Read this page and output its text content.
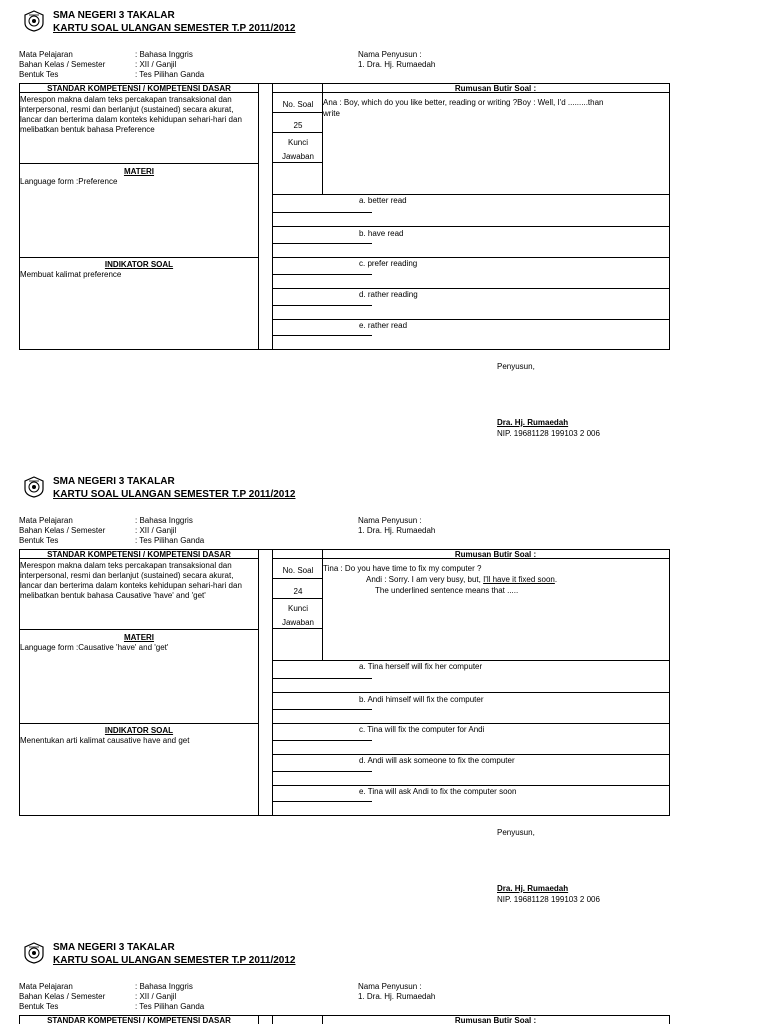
SMA NEGERI 3 TAKALAR
KARTU SOAL ULANGAN SEMESTER T.P 2011/2012
Mata Pelajaran	: Bahasa Inggris
Bahan Kelas / Semester	: XII / Ganjil
Bentuk Tes	: Tes Pilihan Ganda
Nama Penyusun :
1. Dra. Hj. Rumaedah
STANDAR KOMPETENSI / KOMPETENSI DASAR	Rumusan Butir Soal :
Merespon makna dalam teks percakapan transaksional dan interpersonal, resmi dan berlanjut (sustained) secara akurat, lancar dan berterima dalam konteks kehidupan sehari-hari dan melibatkan bentuk bahasa Preference
MATERI
Language form :Preference
INDIKATOR SOAL
Membuat kalimat preference
No. Soal
25
Kunci
Jawaban
Ana : Boy, which do you like better, reading or writing ?Boy : Well, I'd .........than
write
a. better read
b. have read
c. prefer reading
d. rather reading
e. rather read
Penyusun,
Dra. Hj. Rumaedah
NIP. 19681128 199103 2 006
SMA NEGERI 3 TAKALAR
KARTU SOAL ULANGAN SEMESTER T.P 2011/2012
Mata Pelajaran	: Bahasa Inggris
Bahan Kelas / Semester	: XII / Ganjil
Bentuk Tes	: Tes Pilihan Ganda
Nama Penyusun :
1. Dra. Hj. Rumaedah
STANDAR KOMPETENSI / KOMPETENSI DASAR	Rumusan Butir Soal :
Merespon makna dalam teks percakapan transaksional dan interpersonal, resmi dan berlanjut (sustained) secara akurat, lancar dan berterima dalam konteks kehidupan sehari-hari dan melibatkan bentuk bahasa Causative 'have' and 'get'
MATERI
Language form :Causative 'have' and 'get'
INDIKATOR SOAL
Menentukan arti kalimat causative have and get
No. Soal
24
Kunci
Jawaban
Tina : Do you have time to fix my computer ?
Andi : Sorry. I am very busy, but, I'll have it fixed soon.
The underlined sentence means that .....
a. Tina herself will fix her computer
b. Andi himself will fix the computer
c. Tina will fix the computer for Andi
d. Andi will ask someone to fix the computer
e. Tina will ask Andi to fix the computer soon
Penyusun,
Dra. Hj. Rumaedah
NIP. 19681128 199103 2 006
SMA NEGERI 3 TAKALAR
KARTU SOAL ULANGAN SEMESTER T.P 2011/2012
Mata Pelajaran	: Bahasa Inggris
Bahan Kelas / Semester	: XII / Ganjil
Bentuk Tes	: Tes Pilihan Ganda
Nama Penyusun :
1. Dra. Hj. Rumaedah
STANDAR KOMPETENSI / KOMPETENSI DASAR	Rumusan Butir Soal :
